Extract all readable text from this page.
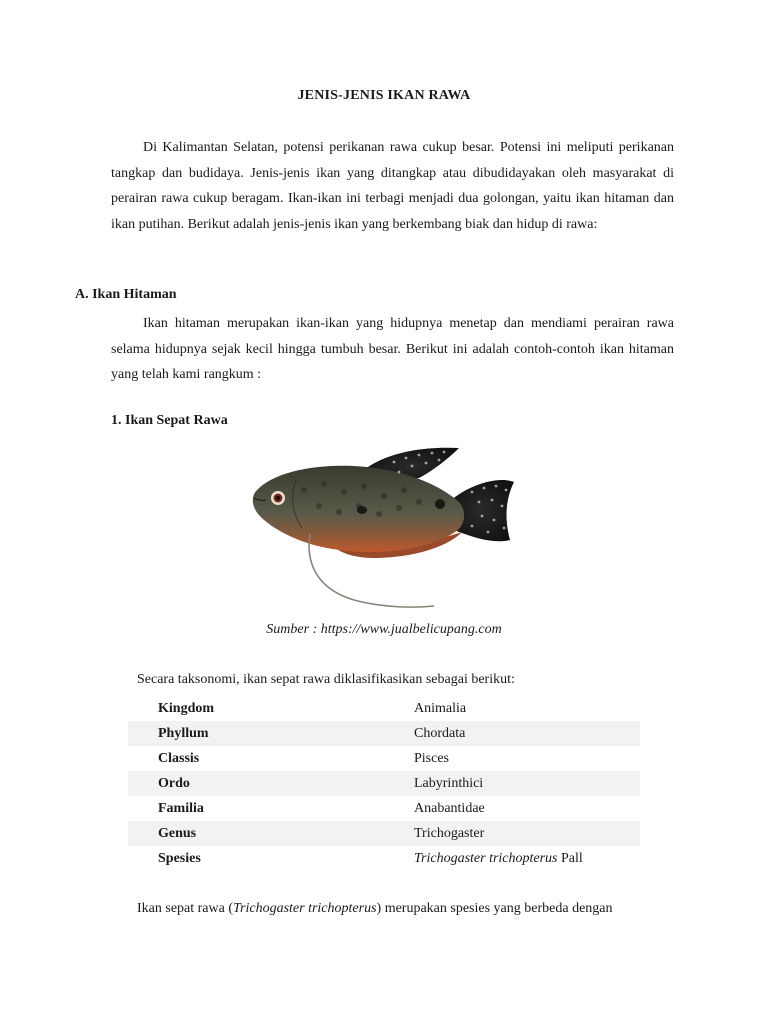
JENIS-JENIS IKAN RAWA

Di Kalimantan Selatan, potensi perikanan rawa cukup besar. Potensi ini meliputi perikanan tangkap dan budidaya. Jenis-jenis ikan yang ditangkap atau dibudidayakan oleh masyarakat di perairan rawa cukup beragam. Ikan-ikan ini terbagi menjadi dua golongan, yaitu ikan hitaman dan ikan putihan. Berikut adalah jenis-jenis ikan yang berkembang biak dan hidup di rawa:

A. Ikan Hitaman

Ikan hitaman merupakan ikan-ikan yang hidupnya menetap dan mendiami perairan rawa selama hidupnya sejak kecil hingga tumbuh besar. Berikut ini adalah contoh-contoh ikan hitaman yang telah kami rangkum :

1. Ikan Sepat Rawa
Sumber : https://www.jualbelicupang.com
Secara taksonomi, ikan sepat rawa diklasifikasikan sebagai berikut:
Kingdom	Animalia
Phyllum	Chordata
Classis	Pisces
Ordo	Labyrinthici
Familia	Anabantidae
Genus	Trichogaster
Spesies	Trichogaster trichopterus Pall

Ikan sepat rawa (Trichogaster trichopterus) merupakan spesies yang berbeda dengan
